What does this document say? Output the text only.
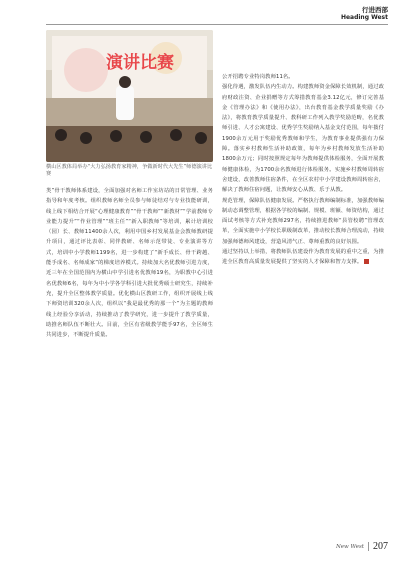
行进西部
Heading West
演讲比赛
横山区教体局举办“大力弘扬教育家精神，争做新时代大先生”师德演讲比赛

类”骨干教师体系建设，全面加强对名师工作室坊站的日常管理、业务指导和年度考核。组织教师名师全员参与师徒结对与专业技能研训，线上线下相结合开展“心理健康教育”“骨干教师”“新教材”“学前教师专业能力提升”“作业管理”“班主任”“新入职教师”等培训，累计培训校（园）长、教师11400余人次，利用中国乡村发展基金会教师教研提升项目，通过评比表彰、同伴教研、名师示范带徒、专业演讲等方式，培训中小学教师1199名，进一步构建了“新手成长、骨干跨越、能手成名、名师成家”的梯度培养模式。持续加大名优教师引进力度，近三年在全国范围内为横山中学引进名优教师19名，为职教中心引进名优教师6名，每年为中小学各学科引进大批优秀硕士研究生，持续补充，提升全区整体教学质量。优化横山区教研工作，组织开展线上线下师资培训320余人次，组织以“我是最优秀的那一个”为主题的教师线上经验分享活动，持续推动了教学研究，进一步提升了教学质量，助推名师队伍不断壮大。目前，全区有省级教学能手97名，全区师生共同进步，不断提升质量。

公开招聘专业特岗教师11名。

强化待遇，激发队伍内生动力。构建教师资金保障长效机制，通过政府财政注资、企业捐赠等方式筹措教育基金3.12亿元，修订完善基金《管理办法》和《使用办法》，出台教育基金教学质量奖励《办法》，将教育教学质量提升、教科研工作列入教学奖励范畴，名优教师引进、人才公寓建设、优秀学生奖励纳入基金支付范围，每年拨付1900余万元用于奖励优秀教师和学生，为教育事业提供强有力保障。落实乡村教师生活补助政策，每年为乡村教师发放生活补助1800余万元；同时按照规定每年为教师提供体检服务，全面开展教师健康体检，为1700余名教师进行体检服务。实施乡村教师周转宿舍建设，改善教师住宿条件，在全区农村中小学建设教师周转宿舍，解决了教师住宿问题，让教师安心从教、乐于从教。

规范管理，保障队伍健康发展。严格执行教师编制标准，加强教师编制动态调整管理，根据各学校的编制、规模、班额、师资结构，通过面试考核等方式补充教师297名，持续推进教师“县管校聘”管理改革，全面实施中小学校长职级制改革，推动校长教师合理流动，持续加强师德师风建设，营造风清气正、尊师重教的良好氛围。

通过坚持以上举措，将教师队伍建设作为教育发展的重中之重，为推进全区教育高质量发展提供了坚实的人才保障和智力支撑。

New West 207
